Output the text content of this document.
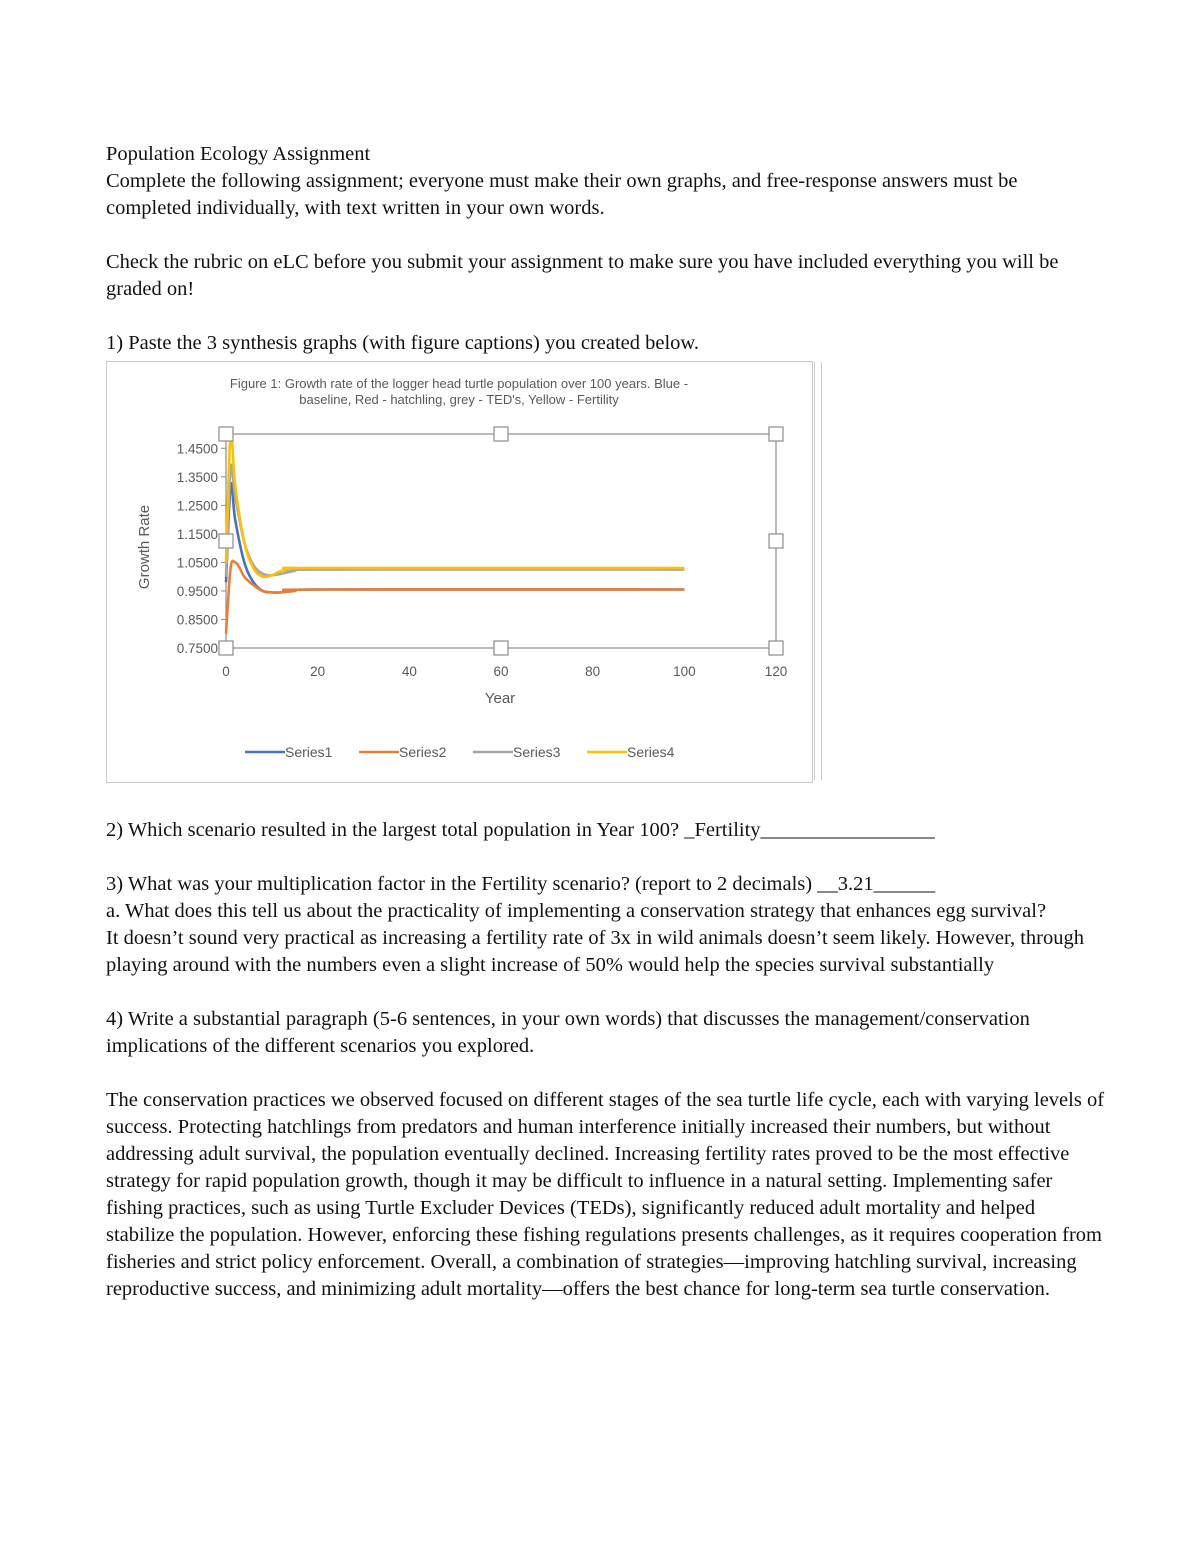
Population Ecology Assignment

Complete the following assignment; everyone must make their own graphs, and free-response answers must be completed individually, with text written in your own words.

Check the rubric on eLC before you submit your assignment to make sure you have included everything you will be graded on!

1) Paste the 3 synthesis graphs (with figure captions) you created below.

Figure 1: Growth rate of the logger head turtle population over 100 years. Blue -
baseline, Red - hatchling, grey - TED's, Yellow - Fertility
0.7500
0.8500
0.9500
1.0500
1.1500
1.2500
1.3500
1.4500
0	20	40	60	80	100	120
Year
Growth Rate
Series1	Series2	Series3	Series4

2) Which scenario resulted in the largest total population in Year 100? _Fertility_________________

3) What was your multiplication factor in the Fertility scenario? (report to 2 decimals) __3.21______

a. What does this tell us about the practicality of implementing a conservation strategy that enhances egg survival?

It doesn’t sound very practical as increasing a fertility rate of 3x in wild animals doesn’t seem likely. However, through playing around with the numbers even a slight increase of 50% would help the species survival substantially

4) Write a substantial paragraph (5-6 sentences, in your own words) that discusses the management/conservation implications of the different scenarios you explored.

The conservation practices we observed focused on different stages of the sea turtle life cycle, each with varying levels of success. Protecting hatchlings from predators and human interference initially increased their numbers, but without addressing adult survival, the population eventually declined. Increasing fertility rates proved to be the most effective strategy for rapid population growth, though it may be difficult to influence in a natural setting. Implementing safer fishing practices, such as using Turtle Excluder Devices (TEDs), significantly reduced adult mortality and helped stabilize the population. However, enforcing these fishing regulations presents challenges, as it requires cooperation from fisheries and strict policy enforcement. Overall, a combination of strategies—improving hatchling survival, increasing reproductive success, and minimizing adult mortality—offers the best chance for long-term sea turtle conservation.
